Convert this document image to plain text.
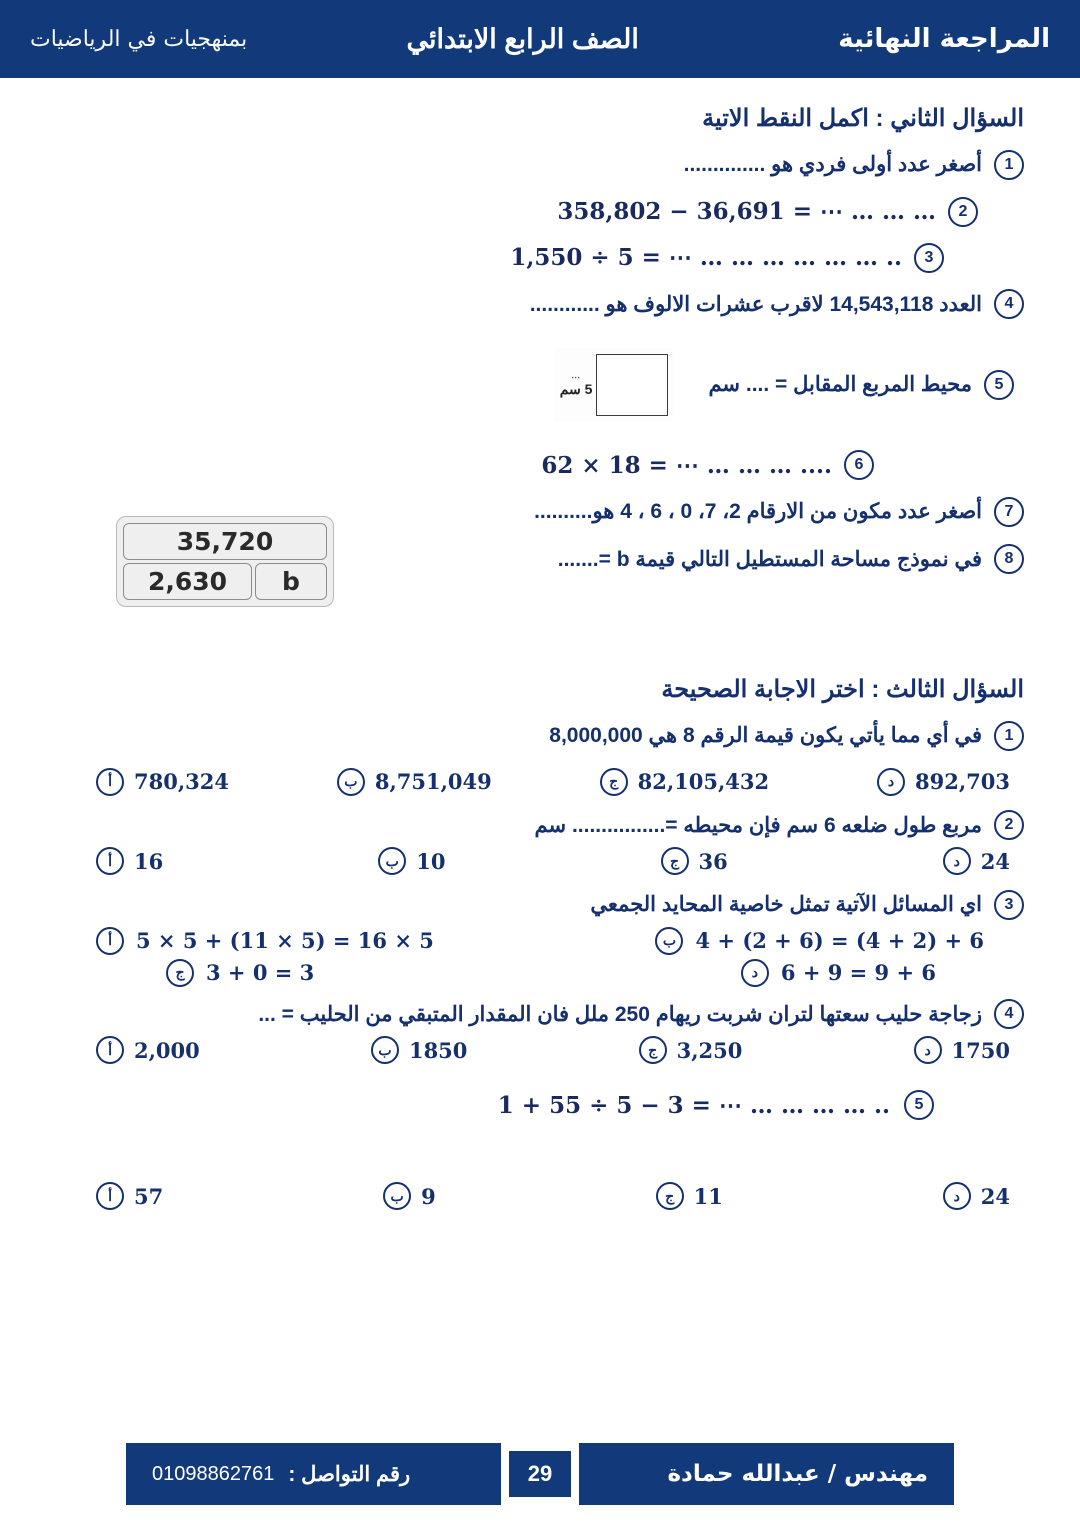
المراجعة النهائية
الصف الرابع الابتدائي
بمنهجيات في الرياضيات
السؤال الثاني : اكمل النقط الاتية
1
أصغر عدد أولى فردي هو ..............
2
358,802 − 36,691 = ⋯ … … …
3
1,550 ÷ 5 = ⋯ … … … … … … ..
4
العدد 14,543,118 لاقرب عشرات الالوف هو ............
5
محيط المربع المقابل = .... سم
⋯
5 سم
6
62 × 18 = ⋯ … … … ....
7
أصغر عدد مكون من الارقام 2، 7، 0 ، 6 ، 4 هو..........
8
في نموذج مساحة المستطيل التالي قيمة b =.......
35,720
b
2,630
السؤال الثالث : اختر الاجابة الصحيحة
1
في أي مما يأتي يكون قيمة الرقم 8 هي 8,000,000
892,703
د
82,105,432
ج
8,751,049
ب
780,324
أ
2
مربع طول ضلعه 6 سم فإن محيطه =................ سم
24
د
36
ج
10
ب
16
أ
3
اي المسائل الآتية تمثل خاصية المحايد الجمعي
4 + (2 + 6) = (4 + 2) + 6
ب
5 × 5 + (11 × 5) = 16 × 5
أ
6 + 9 = 9 + 6
د
3 + 0 = 3
ج
4
زجاجة حليب سعتها لتران شربت ريهام 250 ملل فان المقدار المتبقي من الحليب = ...
1750
د
3,250
ج
1850
ب
2,000
أ
5
1 + 55 ÷ 5 − 3 = ⋯ … … … … ..
24
د
11
ج
9
ب
57
أ
مهندس / عبدالله حمادة
29
رقم التواصل :
01098862761
